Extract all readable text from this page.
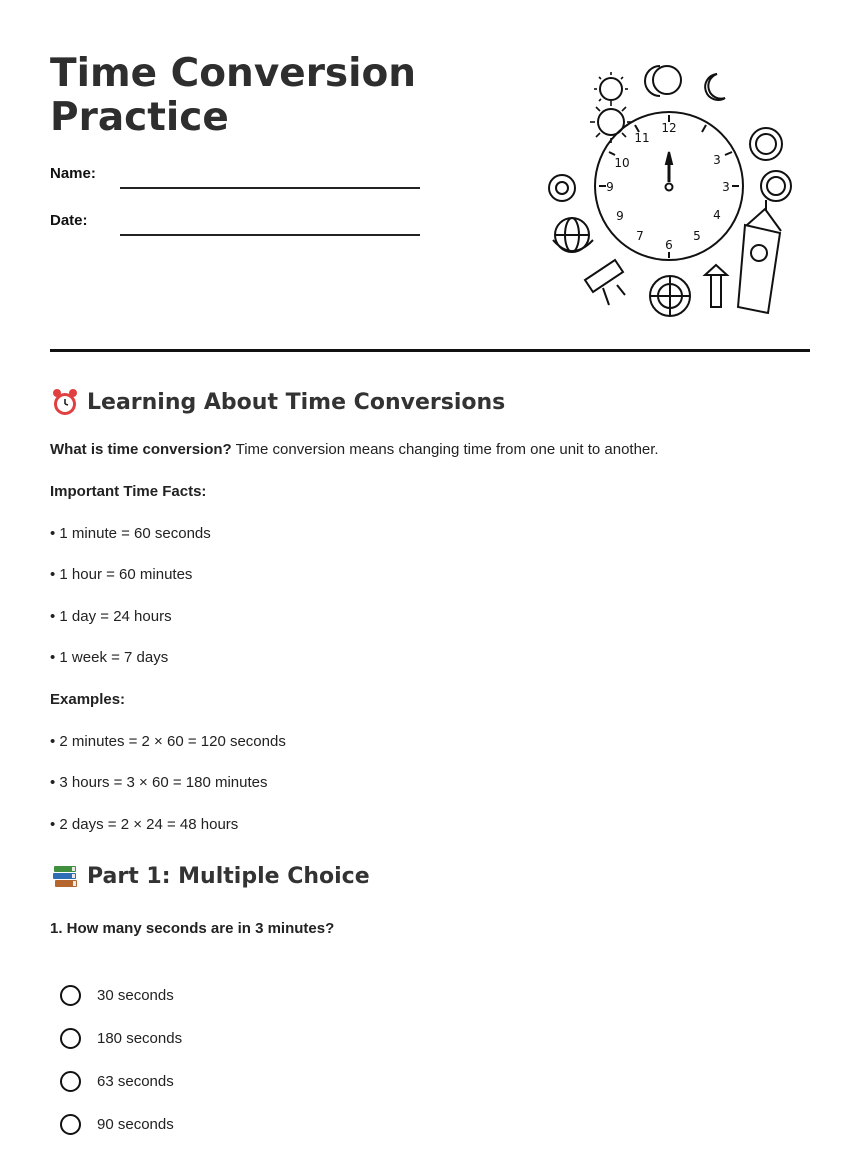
Time Conversion
Practice
Name:
Date:
12
3
3
4
5
6
7
9
9
10
11
Learning About Time Conversions
What is time conversion? Time conversion means changing time from one unit to another.
Important Time Facts:
• 1 minute = 60 seconds
• 1 hour = 60 minutes
• 1 day = 24 hours
• 1 week = 7 days
Examples:
• 2 minutes = 2 × 60 = 120 seconds
• 3 hours = 3 × 60 = 180 minutes
• 2 days = 2 × 24 = 48 hours
Part 1: Multiple Choice
1. How many seconds are in 3 minutes?
30 seconds
180 seconds
63 seconds
90 seconds
